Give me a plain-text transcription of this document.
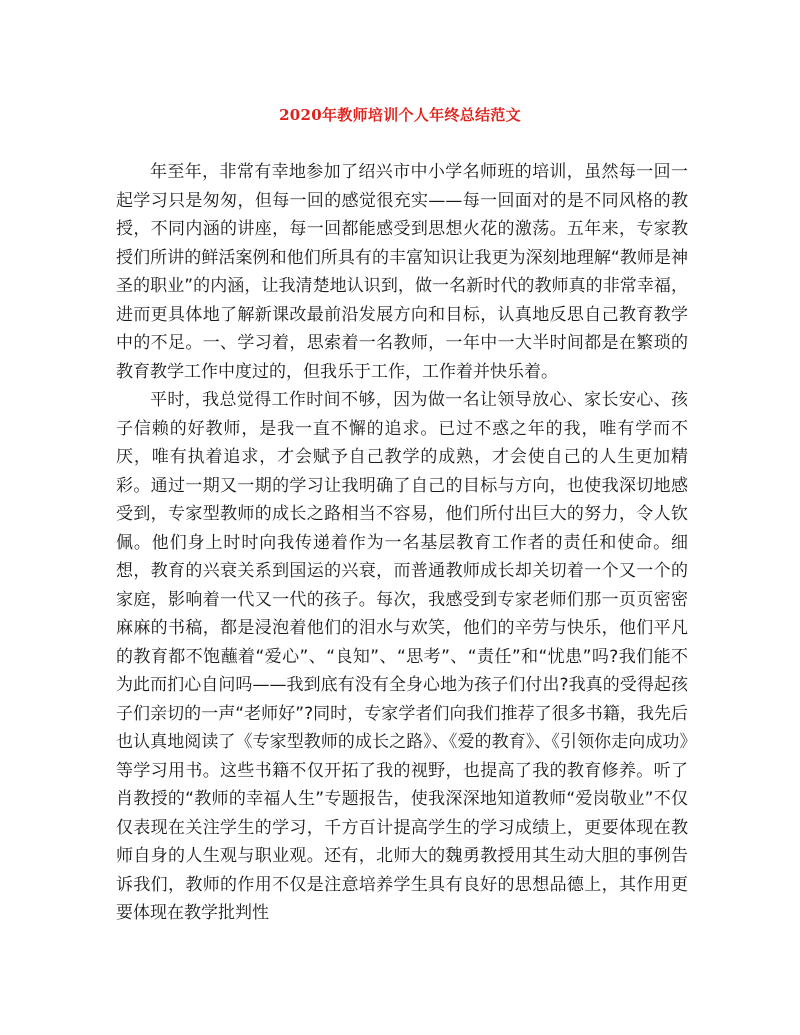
2020年教师培训个人年终总结范文

年至年，非常有幸地参加了绍兴市中小学名师班的培训，虽然每一回一起学习只是匆匆，但每一回的感觉很充实——每一回面对的是不同风格的教授，不同内涵的讲座，每一回都能感受到思想火花的激荡。五年来，专家教授们所讲的鲜活案例和他们所具有的丰富知识让我更为深刻地理解“教师是神圣的职业”的内涵，让我清楚地认识到，做一名新时代的教师真的非常幸福，进而更具体地了解新课改最前沿发展方向和目标，认真地反思自己教育教学中的不足。一、学习着，思索着一名教师，一年中一大半时间都是在繁琐的教育教学工作中度过的，但我乐于工作，工作着并快乐着。

平时，我总觉得工作时间不够，因为做一名让领导放心、家长安心、孩子信赖的好教师，是我一直不懈的追求。已过不惑之年的我，唯有学而不厌，唯有执着追求，才会赋予自己教学的成熟，才会使自己的人生更加精彩。通过一期又一期的学习让我明确了自己的目标与方向，也使我深切地感受到，专家型教师的成长之路相当不容易，他们所付出巨大的努力，令人钦佩。他们身上时时向我传递着作为一名基层教育工作者的责任和使命。细想，教育的兴衰关系到国运的兴衰，而普通教师成长却关切着一个又一个的家庭，影响着一代又一代的孩子。每次，我感受到专家老师们那一页页密密麻麻的书稿，都是浸泡着他们的泪水与欢笑，他们的辛劳与快乐，他们平凡的教育都不饱蘸着“爱心”、“良知”、“思考”、“责任”和“忧患”吗?我们能不为此而扪心自问吗——我到底有没有全身心地为孩子们付出?我真的受得起孩子们亲切的一声“老师好”?同时，专家学者们向我们推荐了很多书籍，我先后也认真地阅读了《专家型教师的成长之路》、《爱的教育》、《引领你走向成功》等学习用书。这些书籍不仅开拓了我的视野，也提高了我的教育修养。听了肖教授的“教师的幸福人生”专题报告，使我深深地知道教师“爱岗敬业”不仅仅表现在关注学生的学习，千方百计提高学生的学习成绩上，更要体现在教师自身的人生观与职业观。还有，北师大的魏勇教授用其生动大胆的事例告诉我们，教师的作用不仅是注意培养学生具有良好的思想品德上，其作用更要体现在教学批判性
